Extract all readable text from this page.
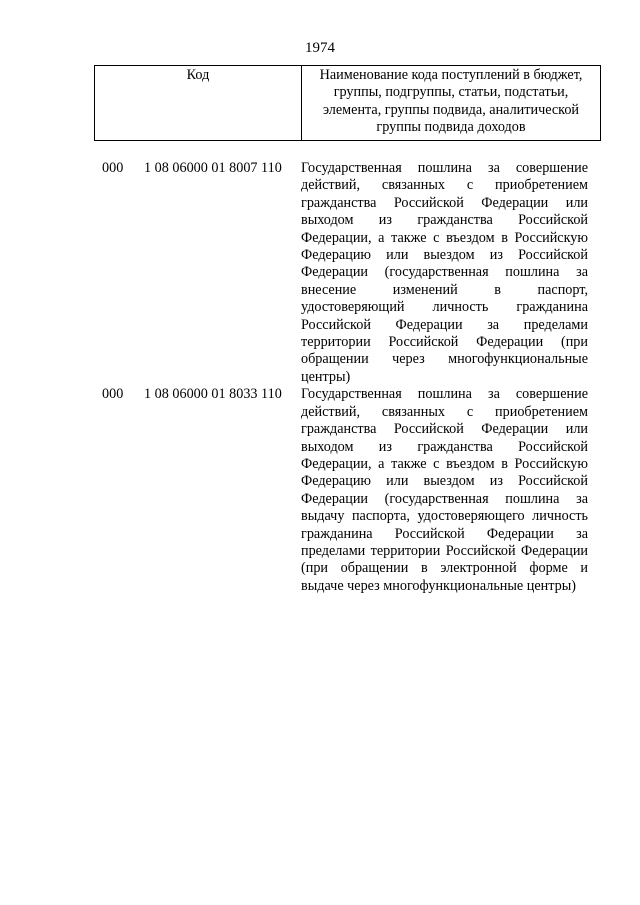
1974
Код	Наименование кода поступлений в бюджет, группы, подгруппы, статьи, подстатьи, элемента, группы подвида, аналитической группы подвида доходов
000 1 08 06000 01 8007 110 Государственная пошлина за совершение действий, связанных с приобретением гражданства Российской Федерации или выходом из гражданства Российской Федерации, а также с въездом в Российскую Федерацию или выездом из Российской Федерации (государственная пошлина за внесение изменений в паспорт, удостоверяющий личность гражданина Российской Федерации за пределами территории Российской Федерации (при обращении через многофункциональные центры)
000 1 08 06000 01 8033 110 Государственная пошлина за совершение действий, связанных с приобретением гражданства Российской Федерации или выходом из гражданства Российской Федерации, а также с въездом в Российскую Федерацию или выездом из Российской Федерации (государственная пошлина за выдачу паспорта, удостоверяющего личность гражданина Российской Федерации за пределами территории Российской Федерации (при обращении в электронной форме и выдаче через многофункциональные центры)
